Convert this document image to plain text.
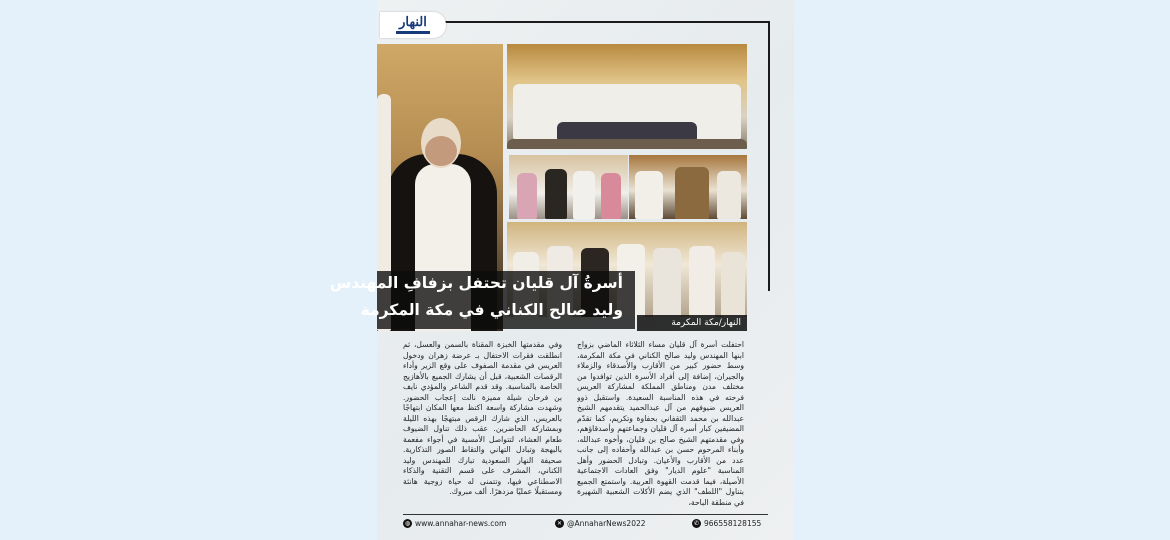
النهار
أسرةُ آل قليان تحتفل بزفافِ المهندس
وليد صالح الكناني في مكة المكرمة
النهار/مكة المكرمة

احتفلت أسرة آل قليان مساء الثلاثاء الماضي بزواج ابنها المهندس وليد صالح الكناني في مكة المكرمة، وسط حضور كبير من الأقارب والأصدقاء والزملاء والجيران، إضافة إلى أفراد الأسرة الذين توافدوا من مختلف مدن ومناطق المملكة لمشاركة العريس فرحته في هذه المناسبة السعيدة. واستقبل ذوو العريس ضيوفهم من آل عبدالحميد يتقدمهم الشيخ عبدالله بن محمد الثقفاني بحفاوة وتكريم، كما تقدّم المضيفين كبار أسرة آل قليان وجماعتهم وأصدقاؤهم، وفي مقدمتهم الشيخ صالح بن قليان، وأخوه عبدالله، وأبناء المرحوم حسن بن عبدالله وأحفاده إلى جانب عدد من الأقارب والأعيان. وتبادل الحضور وأهل المناسبة "علوم الديار" وفق العادات الاجتماعية الأصيلة، فيما قدمت القهوة العربية. واستمتع الجميع بتناول "اللطف" الذي يضم الأكلات الشعبية الشهيرة في منطقة الباحة،

وفي مقدمتها الخبزة المقناة بالسمن والعسل، ثم انطلقت فقرات الاحتفال بـ عرضة زهران ودخول العريس في مقدمة الصفوف على وقع الزير وأداء الرقصات الشعبية، قبل أن يشارك الجميع بالأهازيج الخاصة بالمناسبة. وقد قدم الشاعر والمؤدي نايف بن فرحان شيلة مميزة نالت إعجاب الحضور. وشهدت مشاركة واسعة اكتظ معها المكان ابتهاجًا بالعريس، الذي شارك الرقص مبتهجًا بهذه الليلة وبمشاركة الحاضرين. عقب ذلك تناول الضيوف طعام العشاء، لتتواصل الأمسية في أجواء مفعمة بالبهجة وتبادل التهاني والتقاط الصور التذكارية. صحيفة النهار السعودية تبارك للمهندس وليد الكناني، المشرف على قسم التقنية والذكاء الاصطناعي فيها، وتتمنى له حياة زوجية هانئة ومستقبلًا عمليًا مزدهرًا. ألف مبروك.

◍ www.annahar-news.com	✕ @AnnaharNews2022	✆ 966558128155
